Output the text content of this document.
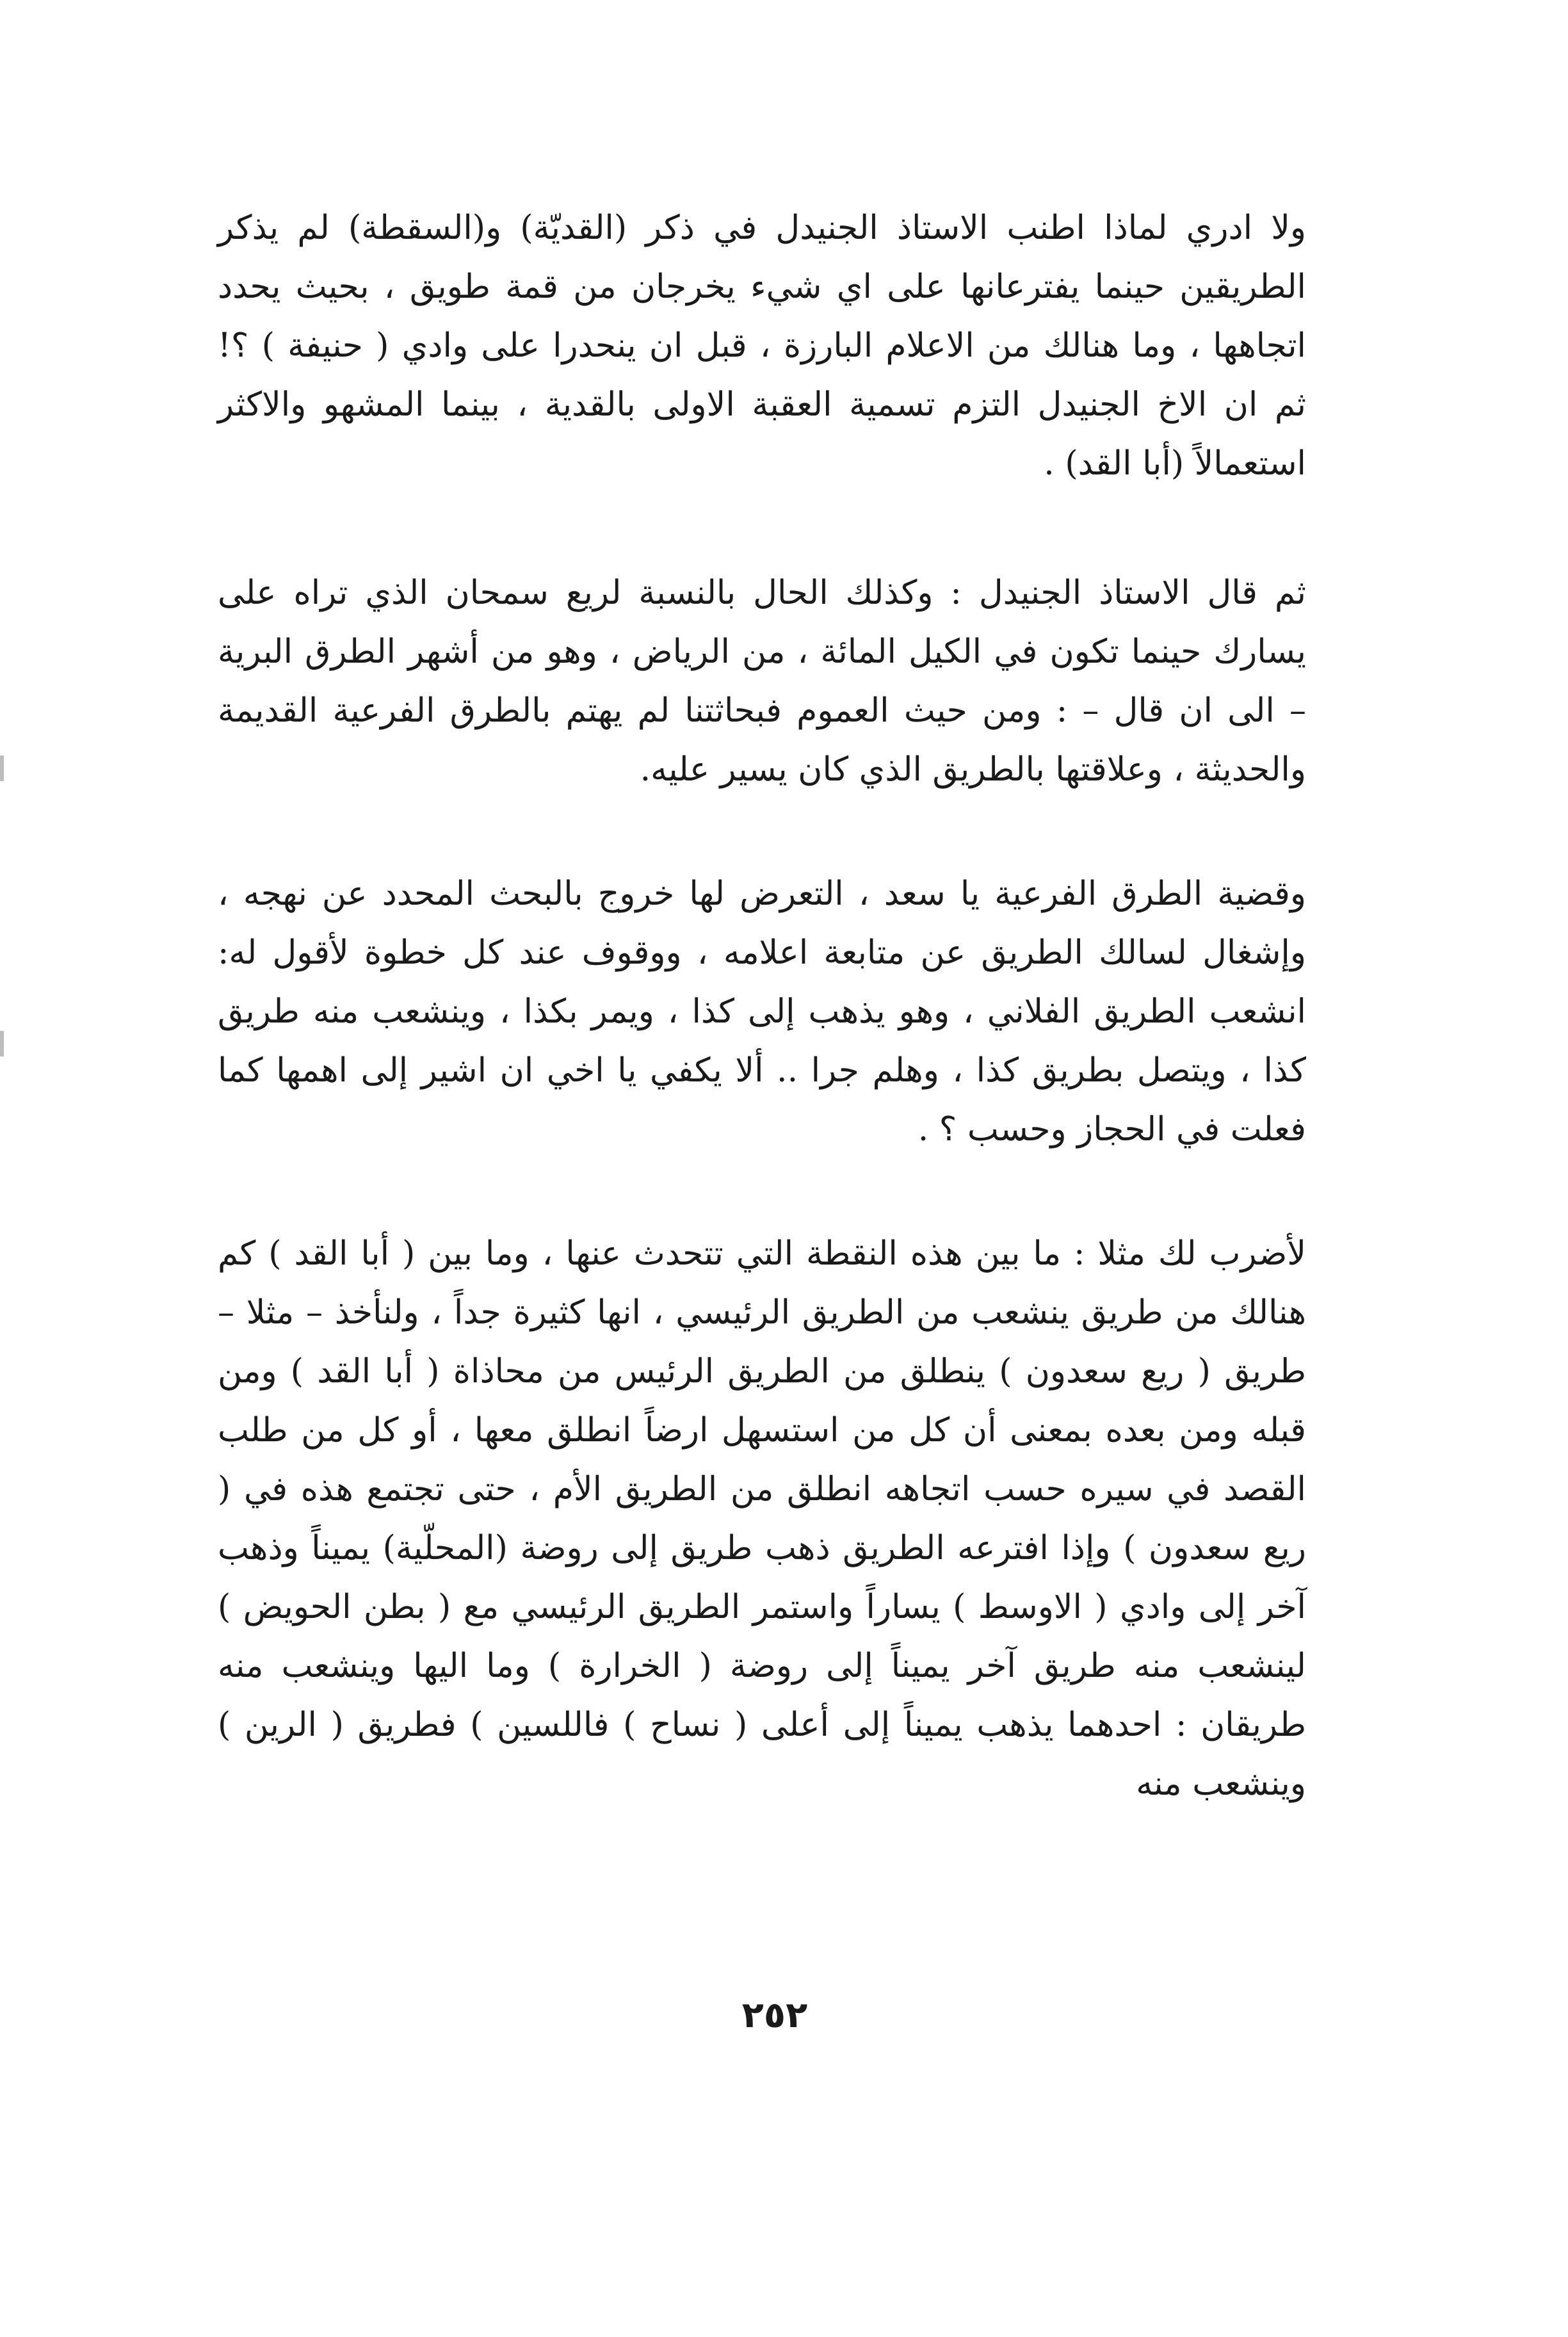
ولا ادري لماذا اطنب الاستاذ الجنيدل في ذكر (القديّة) و(السقطة) لم يذكر الطريقين حينما يفترعانها على اي شيء يخرجان من قمة طويق ، بحيث يحدد اتجاهها ، وما هنالك من الاعلام البارزة ، قبل ان ينحدرا على وادي ( حنيفة ) ؟! ثم ان الاخ الجنيدل التزم تسمية العقبة الاولى بالقدية ، بينما المشهو والاكثر استعمالاً (أبا القد) .

ثم قال الاستاذ الجنيدل : وكذلك الحال بالنسبة لريع سمحان الذي تراه على يسارك حينما تكون في الكيل المائة ، من الرياض ، وهو من أشهر الطرق البرية – الى ان قال – : ومن حيث العموم فبحاثتنا لم يهتم بالطرق الفرعية القديمة والحديثة ، وعلاقتها بالطريق الذي كان يسير عليه.

وقضية الطرق الفرعية يا سعد ، التعرض لها خروج بالبحث المحدد عن نهجه ، وإشغال لسالك الطريق عن متابعة اعلامه ، ووقوف عند كل خطوة لأقول له: انشعب الطريق الفلاني ، وهو يذهب إلى كذا ، ويمر بكذا ، وينشعب منه طريق كذا ، ويتصل بطريق كذا ، وهلم جرا .. ألا يكفي يا اخي ان اشير إلى اهمها كما فعلت في الحجاز وحسب ؟ .

لأضرب لك مثلا : ما بين هذه النقطة التي تتحدث عنها ، وما بين ( أبا القد ) كم هنالك من طريق ينشعب من الطريق الرئيسي ، انها كثيرة جداً ، ولنأخذ – مثلا – طريق ( ريع سعدون ) ينطلق من الطريق الرئيس من محاذاة ( أبا القد ) ومن قبله ومن بعده بمعنى أن كل من استسهل ارضاً انطلق معها ، أو كل من طلب القصد في سيره حسب اتجاهه انطلق من الطريق الأم ، حتى تجتمع هذه في ( ريع سعدون ) وإذا افترعه الطريق ذهب طريق إلى روضة (المحلّية) يميناً وذهب آخر إلى وادي ( الاوسط ) يساراً واستمر الطريق الرئيسي مع ( بطن الحويض ) لينشعب منه طريق آخر يميناً إلى روضة ( الخرارة ) وما اليها وينشعب منه طريقان : احدهما يذهب يميناً إلى أعلى ( نساح ) فاللسين ) فطريق ( الرين ) وينشعب منه

٢٥٢
